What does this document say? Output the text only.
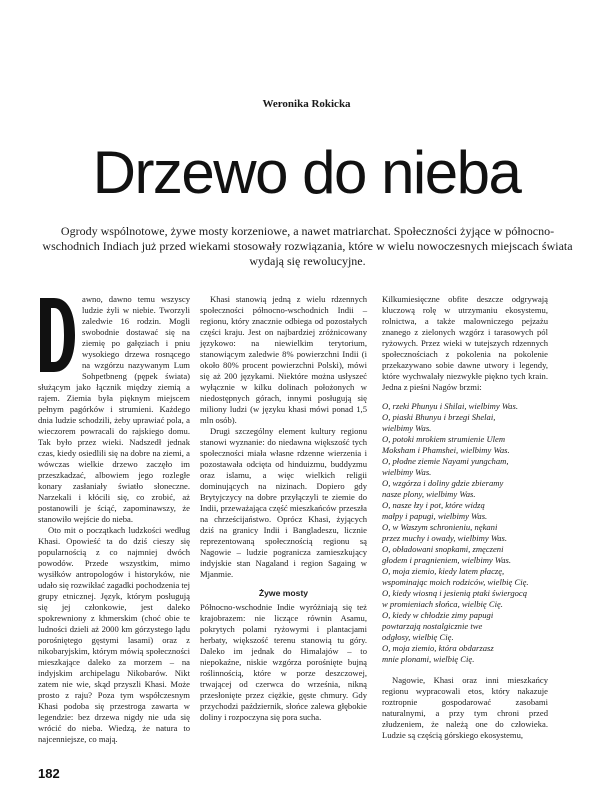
Weronika Rokicka
Drzewo do nieba
Ogrody wspólnotowe, żywe mosty korzeniowe, a nawet matriarchat. Społeczności żyjące w północno-wschodnich Indiach już przed wiekami stosowały rozwiązania, które w wielu nowoczesnych miejscach świata wydają się rewolucyjne.

awno, dawno temu wszyscy ludzie żyli w niebie. Tworzyli zaledwie 16 rodzin. Mogli swobodnie dostawać się na ziemię po gałęziach i pniu wysokiego drzewa rosnącego na wzgórzu nazywanym Lum Sohpetbneng (pępek świata) służącym jako łącznik między ziemią a rajem. Ziemia była pięknym miejscem pełnym pagórków i strumieni. Każdego dnia ludzie schodzili, żeby uprawiać pola, a wieczorem powracali do rajskiego domu. Tak było przez wieki. Nadszedł jednak czas, kiedy osiedlili się na dobre na ziemi, a wówczas wielkie drzewo zaczęło im przeszkadzać, albowiem jego rozległe konary zasłaniały światło słoneczne. Narzekali i kłócili się, co zrobić, aż postanowili je ściąć, zapominawszy, że stanowiło wejście do nieba.

Oto mit o początkach ludzkości według Khasi. Opowieść ta do dziś cieszy się popularnością z co najmniej dwóch powodów. Przede wszystkim, mimo wysiłków antropologów i historyków, nie udało się rozwikłać zagadki pochodzenia tej grupy etnicznej. Język, którym posługują się jej członkowie, jest daleko spokrewniony z khmerskim (choć obie te ludności dzieli aż 2000 km górzystego lądu porośniętego gęstymi lasami) oraz z nikobaryjskim, którym mówią społeczności mieszkające daleko za morzem – na indyjskim archipelagu Nikobarów. Nikt zatem nie wie, skąd przyszli Khasi. Może prosto z raju? Poza tym współczesnym Khasi podoba się przestroga zawarta w legendzie: bez drzewa nigdy nie uda się wrócić do nieba. Wiedzą, że natura to najcenniejsze, co mają.

Khasi stanowią jedną z wielu rdzennych społeczności północno-wschodnich Indii – regionu, który znacznie odbiega od pozostałych części kraju. Jest on najbardziej zróżnicowany językowo: na niewielkim terytorium, stanowiącym zaledwie 8% powierzchni Indii (i około 80% procent powierzchni Polski), mówi się aż 200 językami. Niektóre można usłyszeć wyłącznie w kilku dolinach położonych w niedostępnych górach, innymi posługują się miliony ludzi (w języku khasi mówi ponad 1,5 mln osób).

Drugi szczególny element kultury regionu stanowi wyznanie: do niedawna większość tych społeczności miała własne rdzenne wierzenia i pozostawała odcięta od hinduizmu, buddyzmu oraz islamu, a więc wielkich religii dominujących na nizinach. Dopiero gdy Brytyjczycy na dobre przyłączyli te ziemie do Indii, przeważająca część mieszkańców przeszła na chrześcijaństwo. Oprócz Khasi, żyjących dziś na granicy Indii i Bangladeszu, licznie reprezentowaną społecznością regionu są Nagowie – ludzie pogranicza zamieszkujący indyjskie stan Nagaland i region Sagaing w Mjanmie.

Żywe mosty

Północno-wschodnie Indie wyróżniają się też krajobrazem: nie liczące równin Asamu, pokrytych polami ryżowymi i plantacjami herbaty, większość terenu stanowią tu góry. Daleko im jednak do Himalajów – to niepokaźne, niskie wzgórza porośnięte bujną roślinnością, które w porze deszczowej, trwającej od czerwca do września, nikną przesłonięte przez ciężkie, gęste chmury. Gdy przychodzi październik, słońce zalewa głębokie doliny i rozpoczyna się pora sucha.

Kilkumiesięczne obfite deszcze odgrywają kluczową rolę w utrzymaniu ekosystemu, rolnictwa, a także malowniczego pejzażu znanego z zielonych wzgórz i tarasowych pól ryżowych. Przez wieki w tutejszych rdzennych społecznościach z pokolenia na pokolenie przekazywano sobie dawne utwory i legendy, które wychwalały niezwykłe piękno tych krain. Jedna z pieśni Nagów brzmi:

O, rzeki Phunyu i Shilai, wielbimy Was.
O, piaski Bhunyu i brzegi Shelai,
wielbimy Was.
O, potoki mrokiem strumienie Ulem
Moksham i Phamshei, wielbimy Was.
O, płodne ziemie Nayami yungcham,
wielbimy Was.
O, wzgórza i doliny gdzie zbieramy
nasze plony, wielbimy Was.
O, nasze łzy i pot, które widzą
małpy i papugi, wielbimy Was.
O, w Waszym schronieniu, nękani
przez muchy i owady, wielbimy Was.
O, obładowani snopkami, zmęczeni
głodem i pragnieniem, wielbimy Was.
O, moja ziemio, kiedy latem płaczę,
wspominając moich rodziców, wielbię Cię.
O, kiedy wiosną i jesienią ptaki świergocą
w promieniach słońca, wielbię Cię.
O, kiedy w chłodzie zimy papugi
powtarzają nostalgicznie twe
odgłosy, wielbię Cię.
O, moja ziemio, która obdarzasz
mnie plonami, wielbię Cię.

Nagowie, Khasi oraz inni mieszkańcy regionu wypracowali etos, który nakazuje roztropnie gospodarować zasobami naturalnymi, a przy tym chroni przed złudzeniem, że należą one do człowieka. Ludzie są częścią górskiego ekosystemu,

182
